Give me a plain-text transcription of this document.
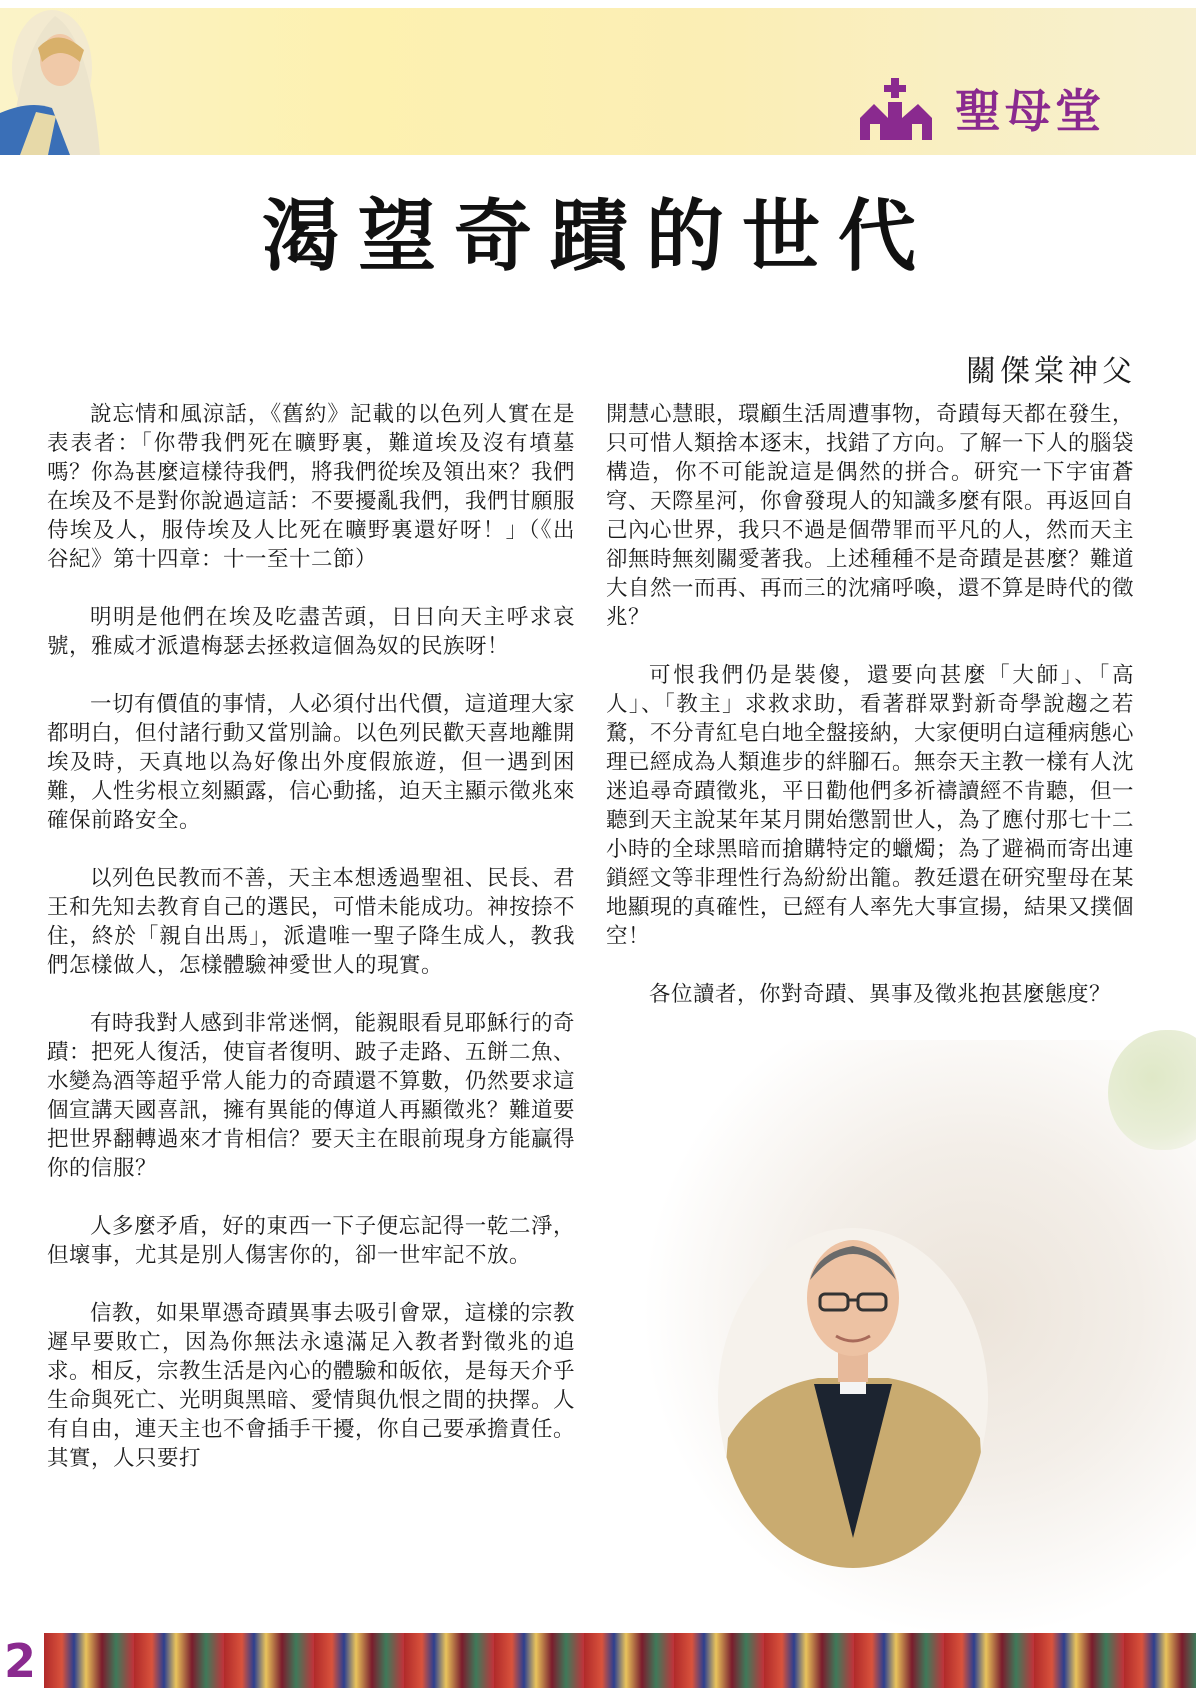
聖母堂
渴望奇蹟的世代
關傑棠神父

說忘情和風涼話，《舊約》記載的以色列人實在是表表者：「你帶我們死在曠野裏，難道埃及沒有墳墓嗎？你為甚麼這樣待我們，將我們從埃及領出來？我們在埃及不是對你說過這話：不要擾亂我們，我們甘願服侍埃及人，服侍埃及人比死在曠野裏還好呀！」（《出谷紀》第十四章：十一至十二節）

明明是他們在埃及吃盡苦頭，日日向天主呼求哀號，雅威才派遣梅瑟去拯救這個為奴的民族呀！

一切有價值的事情，人必須付出代價，這道理大家都明白，但付諸行動又當別論。以色列民歡天喜地離開埃及時，天真地以為好像出外度假旅遊，但一遇到困難，人性劣根立刻顯露，信心動搖，迫天主顯示徵兆來確保前路安全。

以列色民教而不善，天主本想透過聖祖、民長、君王和先知去教育自己的選民，可惜未能成功。神按捺不住，終於「親自出馬」，派遣唯一聖子降生成人，教我們怎樣做人，怎樣體驗神愛世人的現實。

有時我對人感到非常迷惘，能親眼看見耶穌行的奇蹟：把死人復活，使盲者復明、跛子走路、五餅二魚、水變為酒等超乎常人能力的奇蹟還不算數，仍然要求這個宣講天國喜訊，擁有異能的傳道人再顯徵兆？難道要把世界翻轉過來才肯相信？要天主在眼前現身方能贏得你的信服？

人多麼矛盾，好的東西一下子便忘記得一乾二淨，但壞事，尤其是別人傷害你的，卻一世牢記不放。

信教，如果單憑奇蹟異事去吸引會眾，這樣的宗教遲早要敗亡，因為你無法永遠滿足入教者對徵兆的追求。相反，宗教生活是內心的體驗和皈依，是每天介乎生命與死亡、光明與黑暗、愛情與仇恨之間的抉擇。人有自由，連天主也不會插手干擾，你自己要承擔責任。其實，人只要打

開慧心慧眼，環顧生活周遭事物，奇蹟每天都在發生，只可惜人類捨本逐末，找錯了方向。了解一下人的腦袋構造，你不可能說這是偶然的拼合。研究一下宇宙蒼穹、天際星河，你會發現人的知識多麼有限。再返回自己內心世界，我只不過是個帶罪而平凡的人，然而天主卻無時無刻關愛著我。上述種種不是奇蹟是甚麼？難道大自然一而再、再而三的沈痛呼喚，還不算是時代的徵兆？

可恨我們仍是裝傻，還要向甚麼「大師」、「高人」、「教主」求救求助，看著群眾對新奇學說趨之若騖，不分青紅皂白地全盤接納，大家便明白這種病態心理已經成為人類進步的絆腳石。無奈天主教一樣有人沈迷追尋奇蹟徵兆，平日勸他們多祈禱讀經不肯聽，但一聽到天主說某年某月開始懲罰世人，為了應付那七十二小時的全球黑暗而搶購特定的蠟燭；為了避禍而寄出連鎖經文等非理性行為紛紛出籠。教廷還在研究聖母在某地顯現的真確性，已經有人率先大事宣揚，結果又撲個空！

各位讀者，你對奇蹟、異事及徵兆抱甚麼態度？

2
